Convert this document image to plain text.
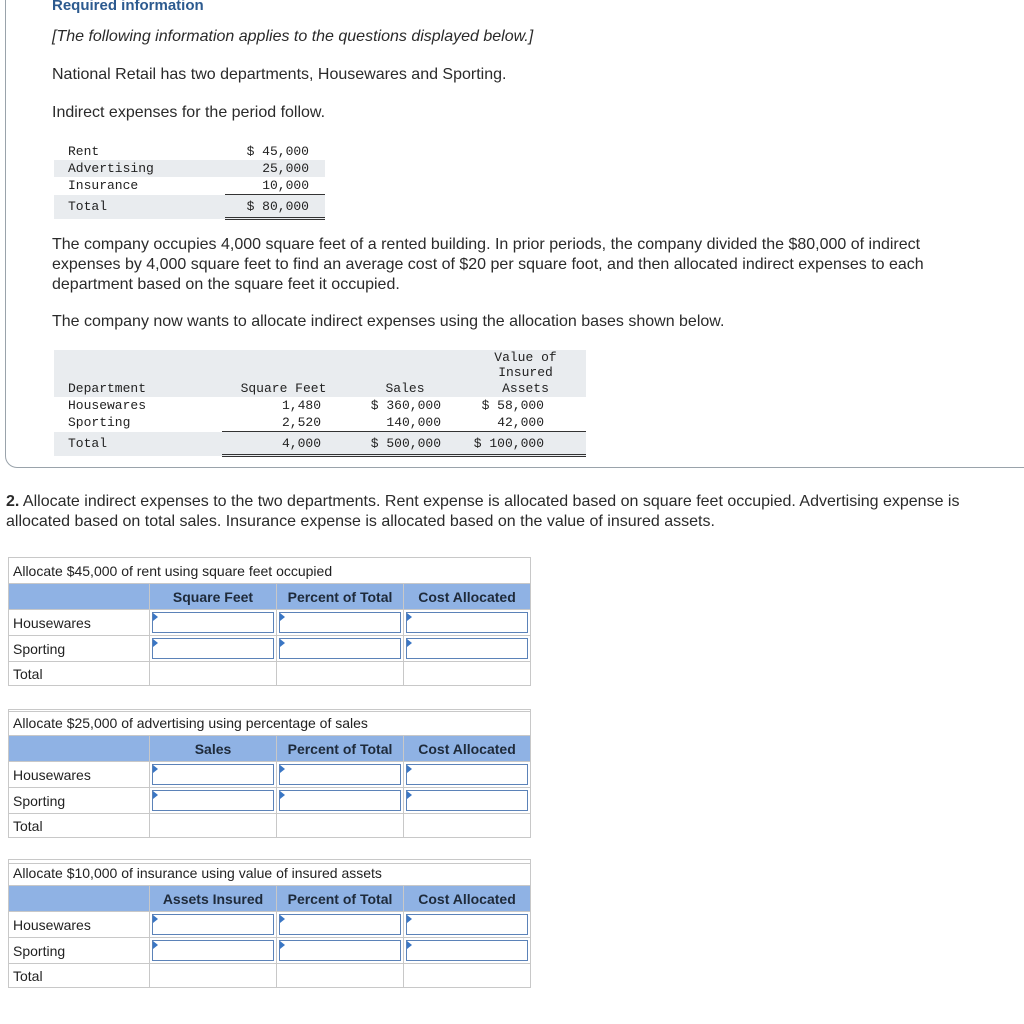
Required information

[The following information applies to the questions displayed below.]

National Retail has two departments, Housewares and Sporting.

Indirect expenses for the period follow.

Rent	$ 45,000
Advertising	25,000
Insurance	10,000
Total	$ 80,000

The company occupies 4,000 square feet of a rented building. In prior periods, the company divided the $80,000 of indirect expenses by 4,000 square feet to find an average cost of $20 per square foot, and then allocated indirect expenses to each department based on the square feet it occupied.

The company now wants to allocate indirect expenses using the allocation bases shown below.

			Value of Insured
Department	Square Feet	Sales	Assets
Housewares	1,480	$ 360,000	$ 58,000
Sporting	2,520	140,000	42,000
Total	4,000	$ 500,000	$ 100,000

2. Allocate indirect expenses to the two departments. Rent expense is allocated based on square feet occupied. Advertising expense is allocated based on total sales. Insurance expense is allocated based on the value of insured assets.

Allocate $45,000 of rent using square feet occupied			
	Square Feet	Percent of Total	Cost Allocated
Housewares	

Sporting	

Total			

Allocate $25,000 of advertising using percentage of sales			
	Sales	Percent of Total	Cost Allocated
Housewares	

Sporting	

Total			

Allocate $10,000 of insurance using value of insured assets			
	Assets Insured	Percent of Total	Cost Allocated
Housewares	

Sporting	

Total			
